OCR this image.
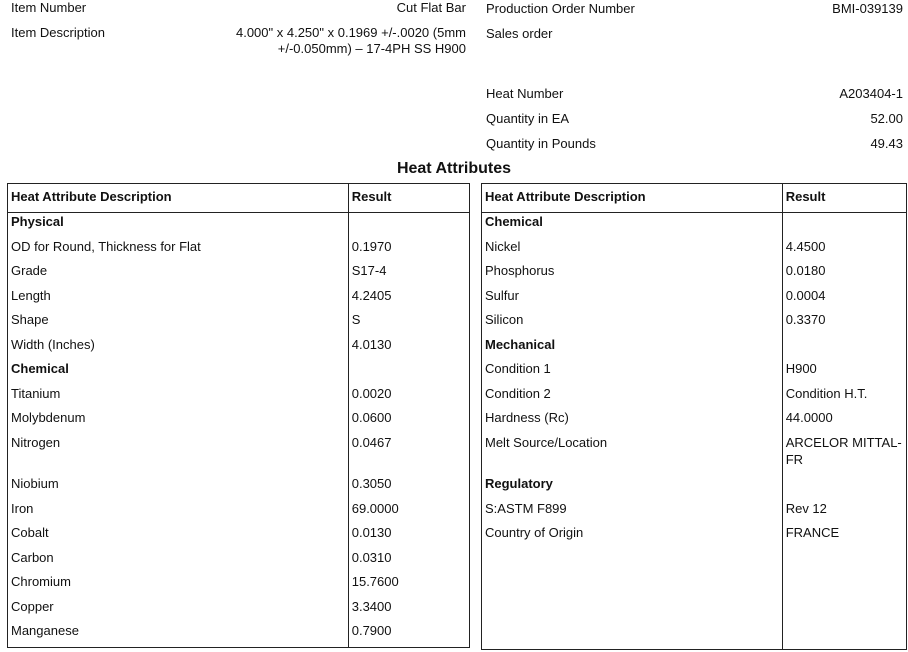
Item Number	Cut Flat Bar
Item Description	4.000" x 4.250" x 0.1969 +/-.0020 (5mm +/-0.050mm) – 17-4PH SS H900
Production Order Number	BMI-039139
Sales order
Heat Number	A203404-1
Quantity in EA	52.00
Quantity in Pounds	49.43
Heat Attributes
Heat Attribute Description	Result
Physical	
OD for Round, Thickness for Flat	0.1970
Grade	S17-4
Length	4.2405
Shape	S
Width (Inches)	4.0130
Chemical	
Titanium	0.0020
Molybdenum	0.0600
Nitrogen	0.0467
Niobium	0.3050
Iron	69.0000
Cobalt	0.0130
Carbon	0.0310
Chromium	15.7600
Copper	3.3400
Manganese	0.7900
Heat Attribute Description	Result
Chemical	
Nickel	4.4500
Phosphorus	0.0180
Sulfur	0.0004
Silicon	0.3370
Mechanical	
Condition 1	H900
Condition 2	Condition H.T.
Hardness (Rc)	44.0000
Melt Source/Location	ARCELOR MITTAL-FR
Regulatory	
S:ASTM F899	Rev 12
Country of Origin	FRANCE
